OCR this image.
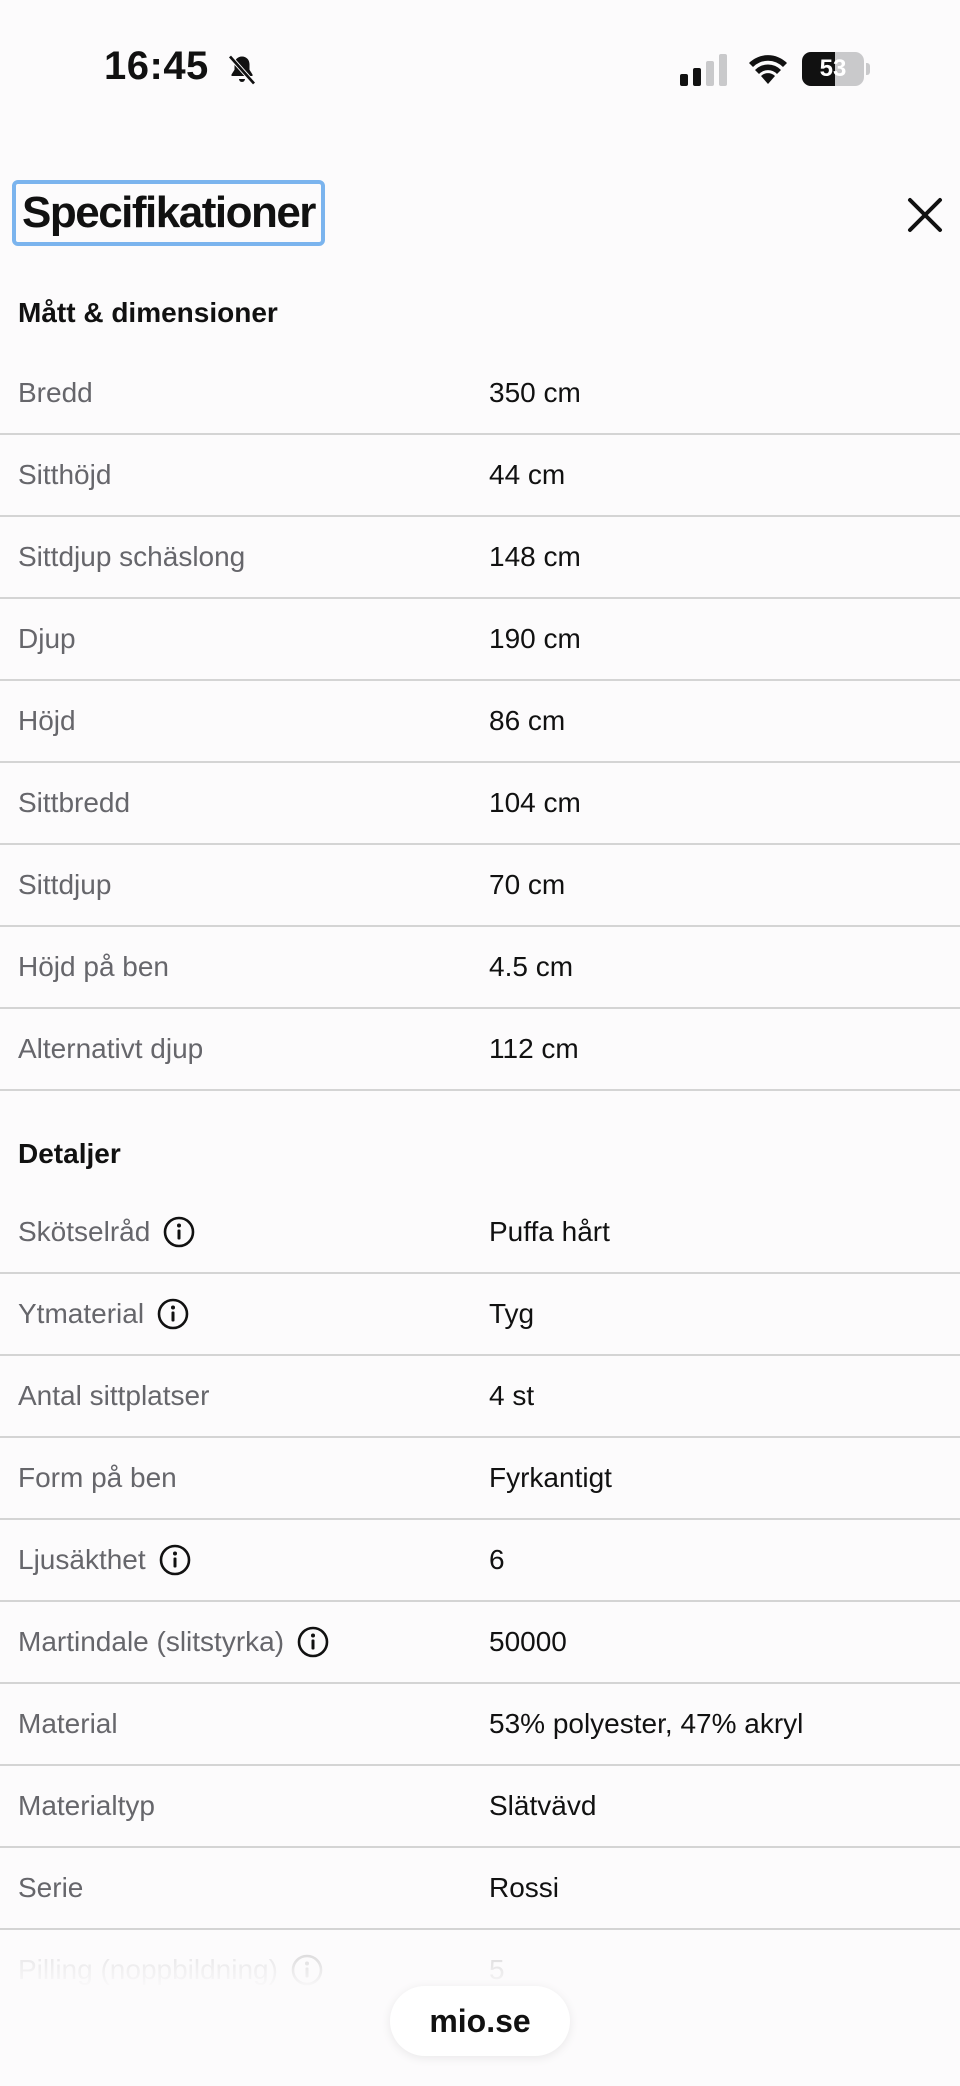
16:45	53
Specifikationer
Mått & dimensioner
Bredd	350 cm
Sitthöjd	44 cm
Sittdjup schäslong	148 cm
Djup	190 cm
Höjd	86 cm
Sittbredd	104 cm
Sittdjup	70 cm
Höjd på ben	4.5 cm
Alternativt djup	112 cm
Detaljer
Skötselråd	Puffa hårt
Ytmaterial	Tyg
Antal sittplatser	4 st
Form på ben	Fyrkantigt
Ljusäkthet	6
Martindale (slitstyrka)	50000
Material	53% polyester, 47% akryl
Materialtyp	Slätvävd
Serie	Rossi
mio.se
